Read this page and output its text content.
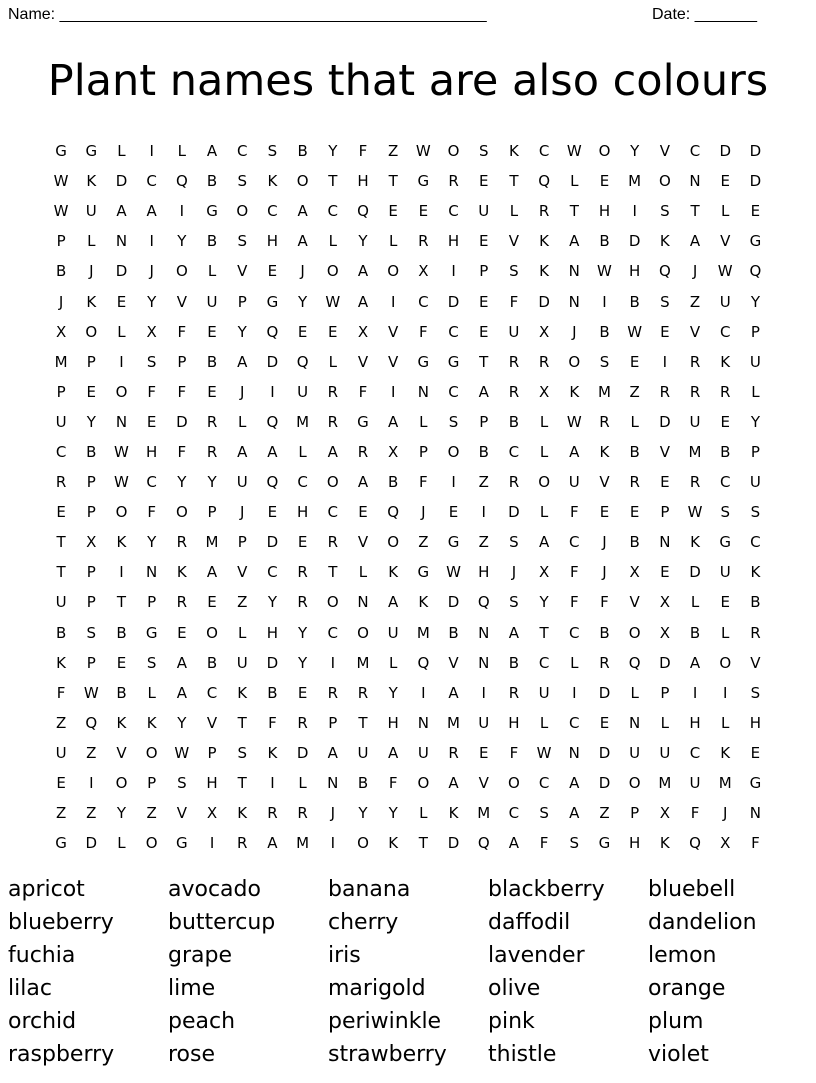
Name: ________________________________________________	Date: _______
Plant names that are also colours
G	G	L	I	L	A	C	S	B	Y	F	Z	W	O	S	K	C	W	O	Y	V	C	D	D
W	K	D	C	Q	B	S	K	O	T	H	T	G	R	E	T	Q	L	E	M	O	N	E	D
W	U	A	A	I	G	O	C	A	C	Q	E	E	C	U	L	R	T	H	I	S	T	L	E
P	L	N	I	Y	B	S	H	A	L	Y	L	R	H	E	V	K	A	B	D	K	A	V	G
B	J	D	J	O	L	V	E	J	O	A	O	X	I	P	S	K	N	W	H	Q	J	W	Q
J	K	E	Y	V	U	P	G	Y	W	A	I	C	D	E	F	D	N	I	B	S	Z	U	Y
X	O	L	X	F	E	Y	Q	E	E	X	V	F	C	E	U	X	J	B	W	E	V	C	P
M	P	I	S	P	B	A	D	Q	L	V	V	G	G	T	R	R	O	S	E	I	R	K	U
P	E	O	F	F	E	J	I	U	R	F	I	N	C	A	R	X	K	M	Z	R	R	R	L
U	Y	N	E	D	R	L	Q	M	R	G	A	L	S	P	B	L	W	R	L	D	U	E	Y
C	B	W	H	F	R	A	A	L	A	R	X	P	O	B	C	L	A	K	B	V	M	B	P
R	P	W	C	Y	Y	U	Q	C	O	A	B	F	I	Z	R	O	U	V	R	E	R	C	U
E	P	O	F	O	P	J	E	H	C	E	Q	J	E	I	D	L	F	E	E	P	W	S	S
T	X	K	Y	R	M	P	D	E	R	V	O	Z	G	Z	S	A	C	J	B	N	K	G	C
T	P	I	N	K	A	V	C	R	T	L	K	G	W	H	J	X	F	J	X	E	D	U	K
U	P	T	P	R	E	Z	Y	R	O	N	A	K	D	Q	S	Y	F	F	V	X	L	E	B
B	S	B	G	E	O	L	H	Y	C	O	U	M	B	N	A	T	C	B	O	X	B	L	R
K	P	E	S	A	B	U	D	Y	I	M	L	Q	V	N	B	C	L	R	Q	D	A	O	V
F	W	B	L	A	C	K	B	E	R	R	Y	I	A	I	R	U	I	D	L	P	I	I	S
Z	Q	K	K	Y	V	T	F	R	P	T	H	N	M	U	H	L	C	E	N	L	H	L	H
U	Z	V	O	W	P	S	K	D	A	U	A	U	R	E	F	W	N	D	U	U	C	K	E
E	I	O	P	S	H	T	I	L	N	B	F	O	A	V	O	C	A	D	O	M	U	M	G
Z	Z	Y	Z	V	X	K	R	R	J	Y	Y	L	K	M	C	S	A	Z	P	X	F	J	N
G	D	L	O	G	I	R	A	M	I	O	K	T	D	Q	A	F	S	G	H	K	Q	X	F
apricot	avocado	banana	blackberry	bluebell
blueberry	buttercup	cherry	daffodil	dandelion
fuchia	grape	iris	lavender	lemon
lilac	lime	marigold	olive	orange
orchid	peach	periwinkle	pink	plum
raspberry	rose	strawberry	thistle	violet
